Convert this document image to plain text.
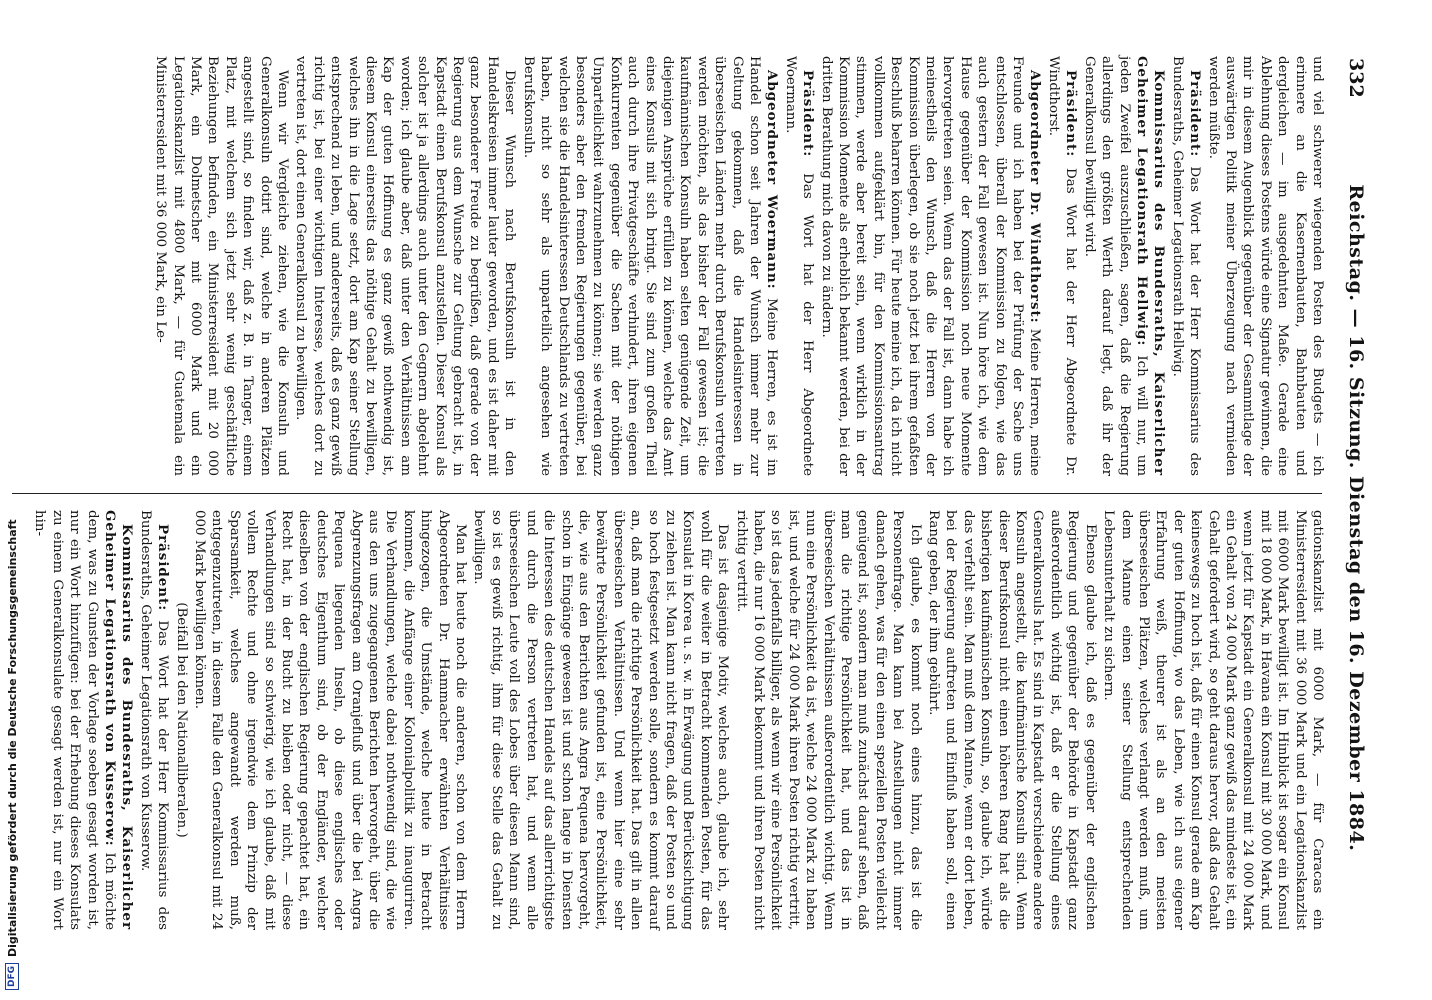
DFG
Digitalisierung gefördert durch die Deutsche Forschungsgemeinschaft
332
Reichstag. — 16. Sitzung. Dienstag den 16. Dezember 1884.

und viel schwerer wiegenden Posten des Budgets — ich erinnere an die Kasernenbauten, Bahnbauten und dergleichen — im ausgedehnten Maße. Gerade eine Ablehnung dieses Postens würde eine Signatur gewinnen, die mir in diesem Augenblick gegenüber der Gesammtlage der auswärtigen Politik meiner Überzeugung nach vermieden werden müßte.

Präsident: Das Wort hat der Herr Kommissarius des Bundesraths, Geheimer Legationsrath Hellwig.

Kommissarius des Bundesraths, Kaiserlicher Geheimer Legationsrath Hellwig: Ich will nur, um jeden Zweifel auszuschließen, sagen, daß die Regierung allerdings den größten Werth darauf legt, daß ihr der Generalkonsul bewilligt wird.

Präsident: Das Wort hat der Herr Abgeordnete Dr. Windthorst.

Abgeordneter Dr. Windthorst: Meine Herren, meine Freunde und ich haben bei der Prüfung der Sache uns entschlossen, überall der Kommission zu folgen, wie das auch gestern der Fall gewesen ist. Nun höre ich, wie dem Hause gegenüber der Kommission noch neue Momente hervorgetreten seien. Wenn das der Fall ist, dann habe ich meinestheils den Wunsch, daß die Herren von der Kommission überlegen, ob sie noch jetzt bei ihrem gefaßten Beschluß beharren können. Für heute meine ich, da ich nicht vollkommen aufgeklärt bin, für den Kommissionsantrag stimmen, werde aber bereit sein, wenn wirklich in der Kommission Momente als erheblich bekannt werden, bei der dritten Berathung mich davon zu ändern.

Präsident: Das Wort hat der Herr Abgeordnete Woermann.

Abgeordneter Woermann: Meine Herren, es ist im Handel schon seit Jahren der Wunsch immer mehr zur Geltung gekommen, daß die Handelsinteressen in überseeischen Ländern mehr durch Berufskonsuln vertreten werden möchten, als das bisher der Fall gewesen ist; die kaufmännischen Konsuln haben selten genügende Zeit, um diejenigen Ansprüche erfüllen zu können, welche das Amt eines Konsuls mit sich bringt. Sie sind zum großen Theil auch durch ihre Privatgeschäfte verhindert, ihren eigenen Konkurrenten gegenüber die Sachen mit der nöthigen Unparteilichkeit wahrzunehmen zu können; sie werden ganz besonders aber den fremden Regierungen gegenüber, bei welchen sie die Handelsinteressen Deutschlands zu vertreten haben, nicht so sehr als unparteilich angesehen wie Berufskonsuln.

Dieser Wunsch nach Berufskonsuln ist in den Handelskreisen immer lauter geworden, und es ist daher mit ganz besonderer Freude zu begrüßen, daß gerade von der Regierung aus dem Wunsche zur Geltung gebracht ist, in Kapstadt einen Berufskonsul anzustellen. Dieser Konsul als solcher ist ja allerdings auch unter den Gegnern abgelehnt worden; ich glaube aber, daß unter den Verhältnissen am Kap der guten Hoffnung es ganz gewiß nothwendig ist, diesem Konsul einerseits das nöthige Gehalt zu bewilligen, welches ihn in die Lage setzt, dort am Kap seiner Stellung entsprechend zu leben, und andererseits, daß es ganz gewiß richtig ist, bei einer wichtigen Interesse, welches dort zu vertreten ist, dort einen Generalkonsul zu bewilligen.

Wenn wir Vergleiche ziehen, wie die Konsuln und Generalkonsuln dotirt sind, welche in anderen Plätzen angestellt sind, so finden wir, daß z. B. in Tanger, einem Platz, mit welchem sich jetzt sehr wenig geschäftliche Beziehungen befinden, ein Ministerresident mit 20 000 Mark, ein Dolmetscher mit 6000 Mark und ein Legationskanzlist mit 4800 Mark, — für Guatemala ein Ministerresident mit 36 000 Mark, ein Le-

gationskanzlist mit 6000 Mark, — für Caracas ein Ministerresident mit 36 000 Mark und ein Legationskanzlist mit 6000 Mark bewilligt ist. Im Hinblick ist sogar ein Konsul mit 18 000 Mark, in Havana ein Konsul mit 30 000 Mark, und wenn jetzt für Kapstadt ein Generalkonsul mit 24 000 Mark ein Gehalt von 24 000 Mark ganz gewiß das mindeste ist, ein Gehalt gefordert wird, so geht daraus hervor, daß das Gehalt keineswegs zu hoch ist, daß für einen Konsul gerade am Kap der guten Hoffnung, wo das Leben, wie ich aus eigener Erfahrung weiß, theurer ist als an den meisten überseeischen Plätzen, welches verlangt werden muß, um dem Manne einen seiner Stellung entsprechenden Lebensunterhalt zu sichern.

Ebenso glaube ich, daß es gegenüber der englischen Regierung und gegenüber der Behörde in Kapstadt ganz außerordentlich wichtig ist, daß er die Stellung eines Generalkonsuls hat. Es sind in Kapstadt verschiedene andere Konsuln angestellt, die kaufmännische Konsuln sind. Wenn dieser Berufskonsul nicht einen höheren Rang hat als die bisherigen kaufmännischen Konsuln, so, glaube ich, würde das verfehlt sein. Man muß dem Manne, wenn er dort leben, bei der Regierung auftreten und Einfluß haben soll, einen Rang geben, der ihm gebührt.

Ich glaube, es kommt noch eines hinzu, das ist die Personenfrage. Man kann bei Anstellungen nicht immer danach gehen, was für den einen speziellen Posten vielleicht genügend ist, sondern man muß zunächst darauf sehen, daß man die richtige Persönlichkeit hat, und das ist in überseeischen Verhältnissen außerordentlich wichtig. Wenn nun eine Persönlichkeit da ist, welche 24 000 Mark zu haben ist, und welche für 24 000 Mark ihren Posten richtig vertritt, so ist das jedenfalls billiger, als wenn wir eine Persönlichkeit haben, die nur 16 000 Mark bekommt und ihren Posten nicht richtig vertritt.

Das ist dasjenige Motiv, welches auch, glaube ich, sehr wohl für die weiter in Betracht kommenden Posten, für das Konsulat in Korea u. s. w. in Erwägung und Berücksichtigung zu ziehen ist. Man kann nicht fragen, daß der Posten so und so hoch festgesetzt werden solle, sondern es kommt darauf an, daß man die richtige Persönlichkeit hat. Das gilt in allen überseeischen Verhältnissen. Und wenn hier eine sehr bewährte Persönlichkeit gefunden ist, eine Persönlichkeit, die, wie aus den Berichten aus Angra Pequena hervorgeht, schon in Eingänge gewesen ist und schon lange in Diensten die Interessen des deutschen Handels auf das allerrichtigste und durch die Person vertreten hat, und wenn alle überseeischen Leute voll des Lobes über diesen Mann sind, so ist es gewiß richtig, ihm für diese Stelle das Gehalt zu bewilligen.

Man hat heute noch die anderen, schon von dem Herrn Abgeordneten Dr. Hammacher erwähnten Verhältnisse hingezogen, die Umstände, welche heute in Betracht kommen, die Anfänge einer Kolonialpolitik zu inauguriren. Die Verhandlungen, welche dabei nothwendig sind, die wie aus den uns zugegangenen Berichten hervorgeht, über die Abgrenzungsfragen am Oranjefluß und über die bei Angra Pequena liegenden Inseln, ob diese englisches oder deutsches Eigenthum sind, ob der Engländer, welcher dieselben von der englischen Regierung gepachtet hat, ein Recht hat, in der Bucht zu bleiben oder nicht, — diese Verhandlungen sind so schwierig, wie ich glaube, daß mit vollem Rechte und ohne irgendwie dem Prinzip der Sparsamkeit, welches angewandt werden muß, entgegenzutreten, in diesem Falle den Generalkonsul mit 24 000 Mark bewilligen können.

(Beifall bei den Nationalliberalen.)

Präsident: Das Wort hat der Herr Kommissarius des Bundesraths, Geheimer Legationsrath von Kusserow.

Kommissarius des Bundesraths, Kaiserlicher Geheimer Legationsrath von Kusserow: Ich möchte dem, was zu Gunsten der Vorlage soeben gesagt worden ist, nur ein Wort hinzufügen: bei der Erhebung dieses Konsulats zu einem Generalkonsulate gesagt werden ist, nur ein Wort hin-
